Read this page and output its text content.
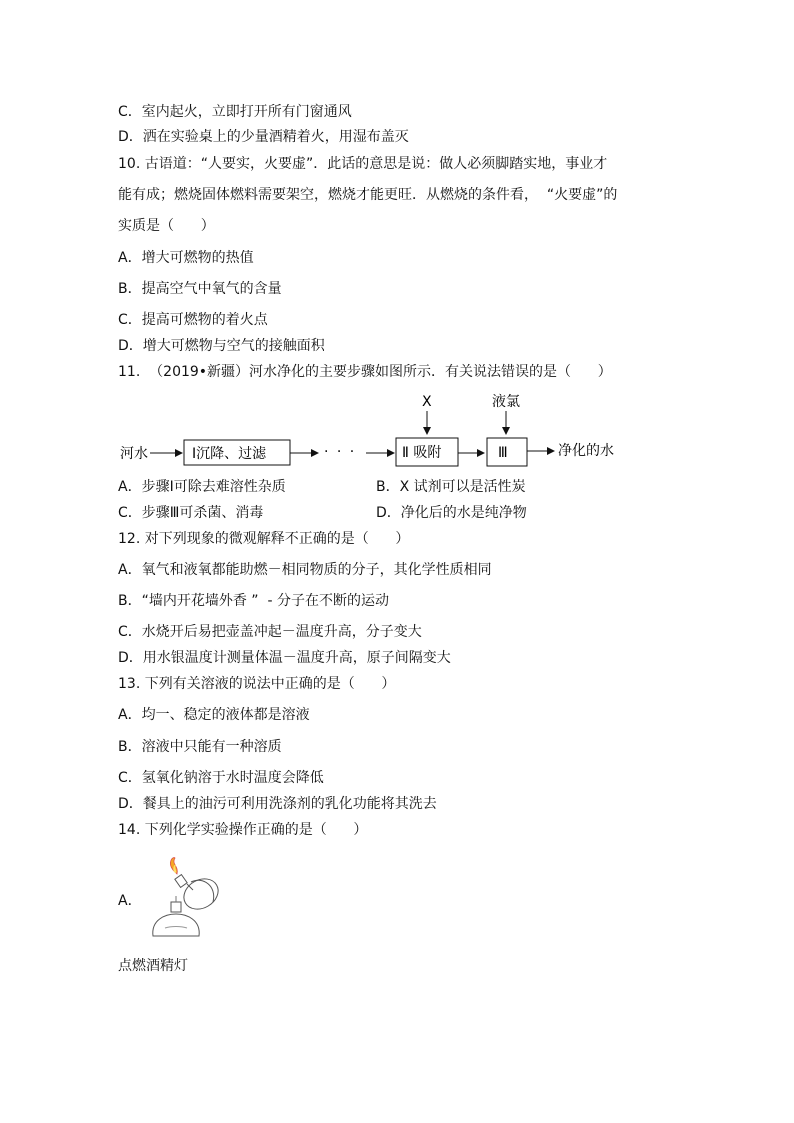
C．室内起火，立即打开所有门窗通风
D．洒在实验桌上的少量酒精着火，用湿布盖灭
10. 古语道：“人要实，火要虚”．此话的意思是说：做人必须脚踏实地，事业才
能有成；燃烧固体燃料需要架空，燃烧才能更旺．从燃烧的条件看，  “火要虚”的
实质是（      ）
A．增大可燃物的热值
B．提高空气中氧气的含量
C．提高可燃物的着火点
D．增大可燃物与空气的接触面积
11.  （2019•新疆）河水净化的主要步骤如图所示．有关说法错误的是（      ）
河水	Ⅰ沉降、过滤	· · ·	Ⅱ 吸附	Ⅲ	净化的水
X	液氯
A．步骤Ⅰ可除去难溶性杂质	B．X 试剂可以是活性炭
C．步骤Ⅲ可杀菌、消毒	D．净化后的水是纯净物
12. 对下列现象的微观解释不正确的是（      ）
A．氧气和液氧都能助燃－相同物质的分子，其化学性质相同
B．“墙内开花墙外香 ”  - 分子在不断的运动
C．水烧开后易把壶盖冲起－温度升高，分子变大
D．用水银温度计测量体温－温度升高，原子间隔变大
13. 下列有关溶液的说法中正确的是（      ）
A．均一、稳定的液体都是溶液
B．溶液中只能有一种溶质
C．氢氧化钠溶于水时温度会降低
D．餐具上的油污可利用洗涤剂的乳化功能将其洗去
14. 下列化学实验操作正确的是（      ）
A．
点燃酒精灯
